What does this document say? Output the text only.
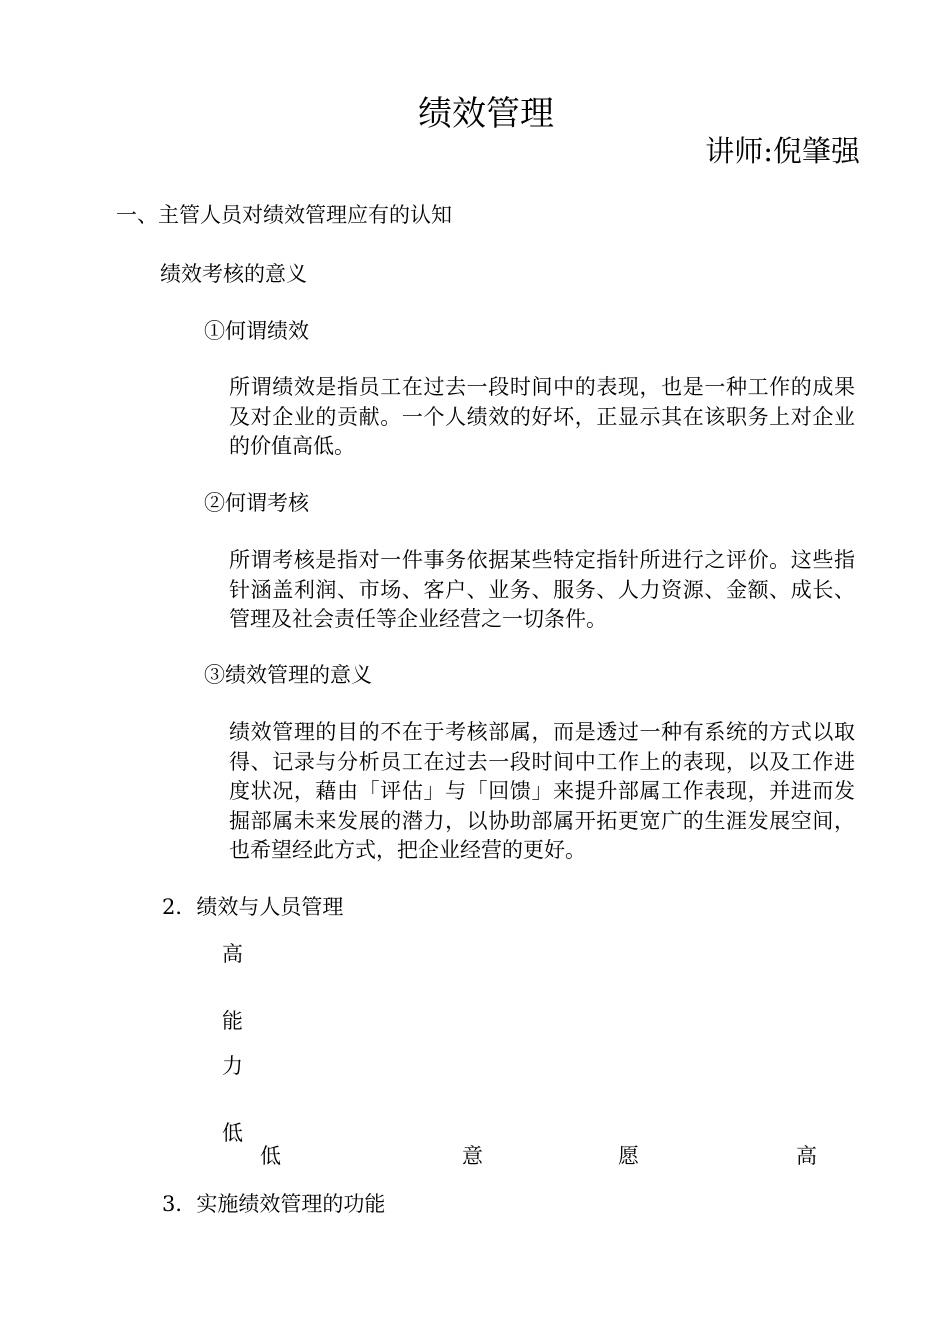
绩效管理
讲师:倪肇强
一、主管人员对绩效管理应有的认知
绩效考核的意义
①何谓绩效
所谓绩效是指员工在过去一段时间中的表现，也是一种工作的成果及对企业的贡献。一个人绩效的好坏，正显示其在该职务上对企业的价值高低。
②何谓考核
所谓考核是指对一件事务依据某些特定指针所进行之评价。这些指针涵盖利润、市场、客户、业务、服务、人力资源、金额、成长、管理及社会责任等企业经营之一切条件。
③绩效管理的意义
绩效管理的目的不在于考核部属，而是透过一种有系统的方式以取得、记录与分析员工在过去一段时间中工作上的表现，以及工作进度状况，藉由「评估」与「回馈」来提升部属工作表现，并进而发掘部属未来发展的潜力，以协助部属开拓更宽广的生涯发展空间，也希望经此方式，把企业经营的更好。
2．绩效与人员管理
高
能
力
低
低	意	愿	高
3．实施绩效管理的功能
